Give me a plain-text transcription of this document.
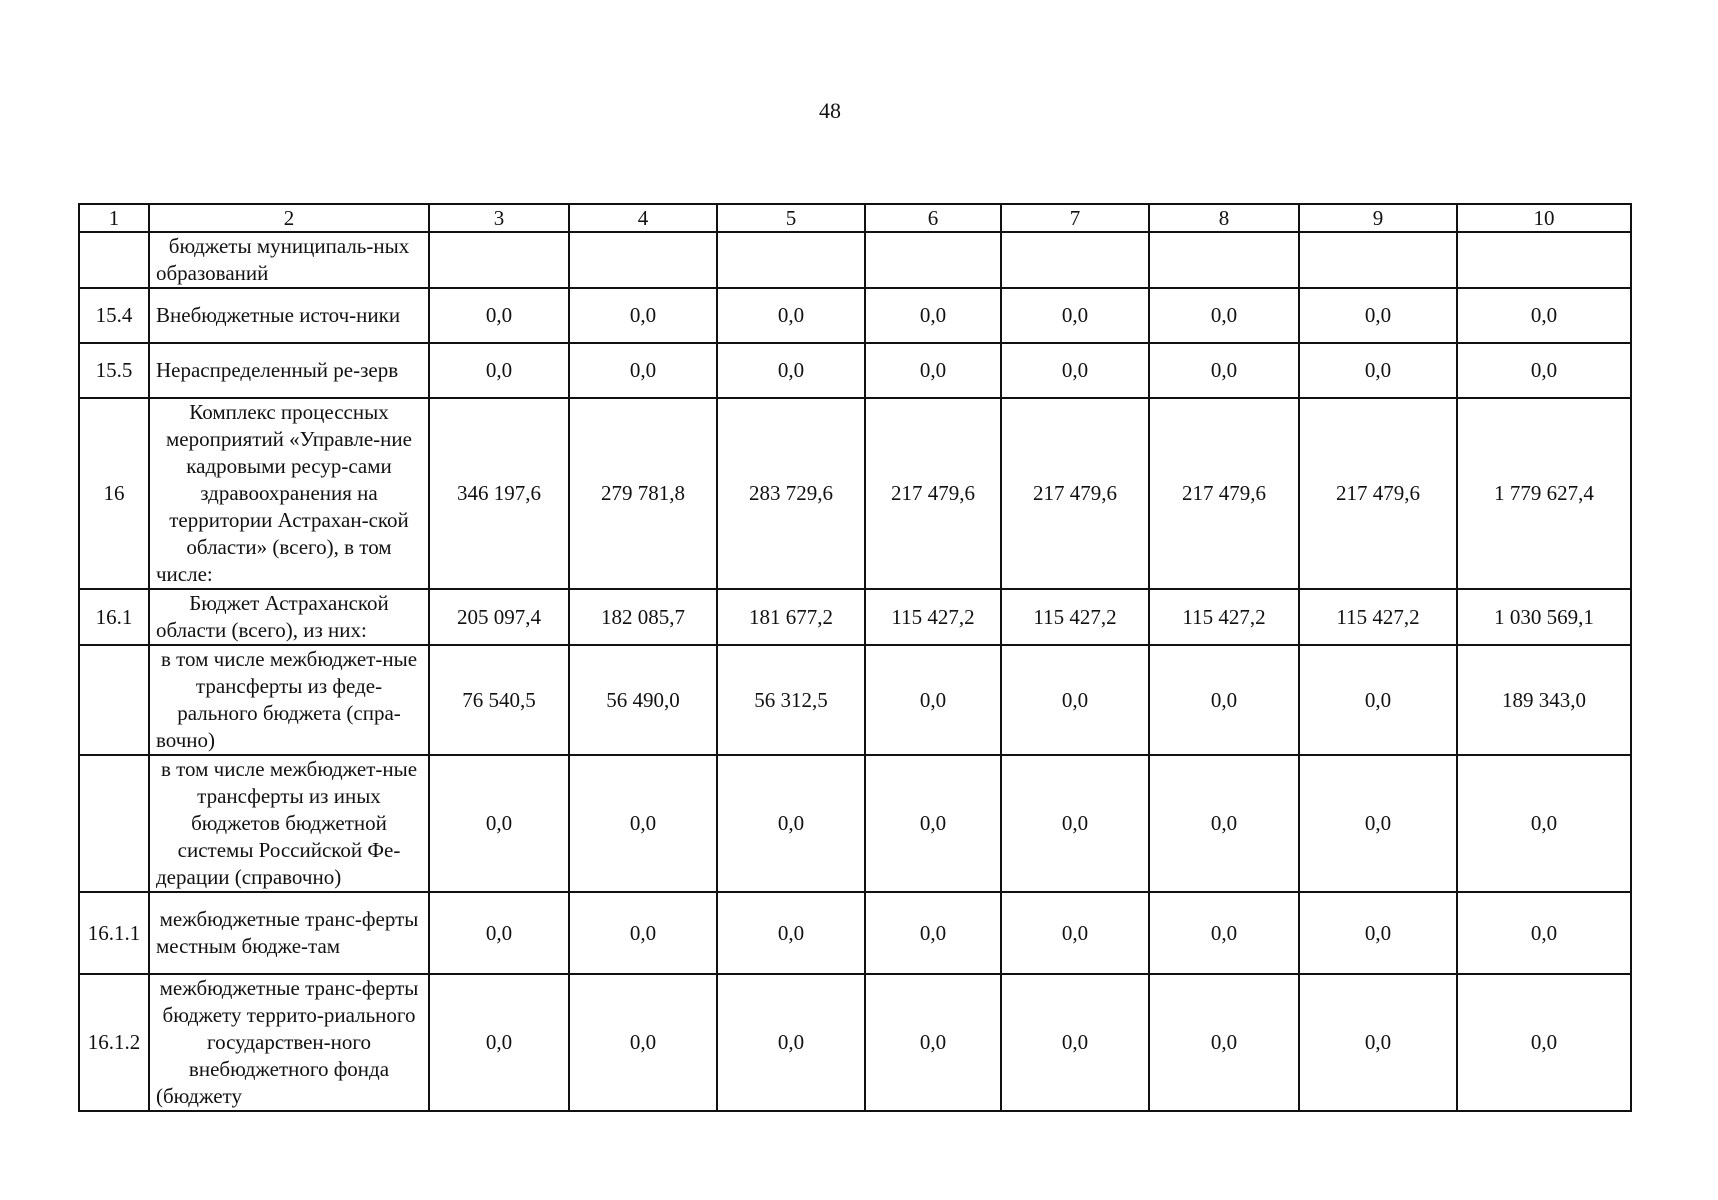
48
1	2	3	4	5	6	7	8	9	10
	бюджеты муниципаль-ных образований								
15.4	Внебюджетные источ-ники	0,0	0,0	0,0	0,0	0,0	0,0	0,0	0,0
15.5	Нераспределенный ре-зерв	0,0	0,0	0,0	0,0	0,0	0,0	0,0	0,0
16	Комплекс процессных мероприятий «Управле-ние кадровыми ресур-сами здравоохранения на территории Астрахан-ской области» (всего), в том числе:	346 197,6	279 781,8	283 729,6	217 479,6	217 479,6	217 479,6	217 479,6	1 779 627,4
16.1	Бюджет Астраханской области (всего), из них:	205 097,4	182 085,7	181 677,2	115 427,2	115 427,2	115 427,2	115 427,2	1 030 569,1
	в том числе межбюджет-ные трансферты из феде-рального бюджета (спра-вочно)	76 540,5	56 490,0	56 312,5	0,0	0,0	0,0	0,0	189 343,0
	в том числе межбюджет-ные трансферты из иных бюджетов бюджетной системы Российской Фе-дерации (справочно)	0,0	0,0	0,0	0,0	0,0	0,0	0,0	0,0
16.1.1	межбюджетные транс-ферты местным бюдже-там	0,0	0,0	0,0	0,0	0,0	0,0	0,0	0,0
16.1.2	межбюджетные транс-ферты бюджету террито-риального государствен-ного внебюджетного фонда (бюджету	0,0	0,0	0,0	0,0	0,0	0,0	0,0	0,0
